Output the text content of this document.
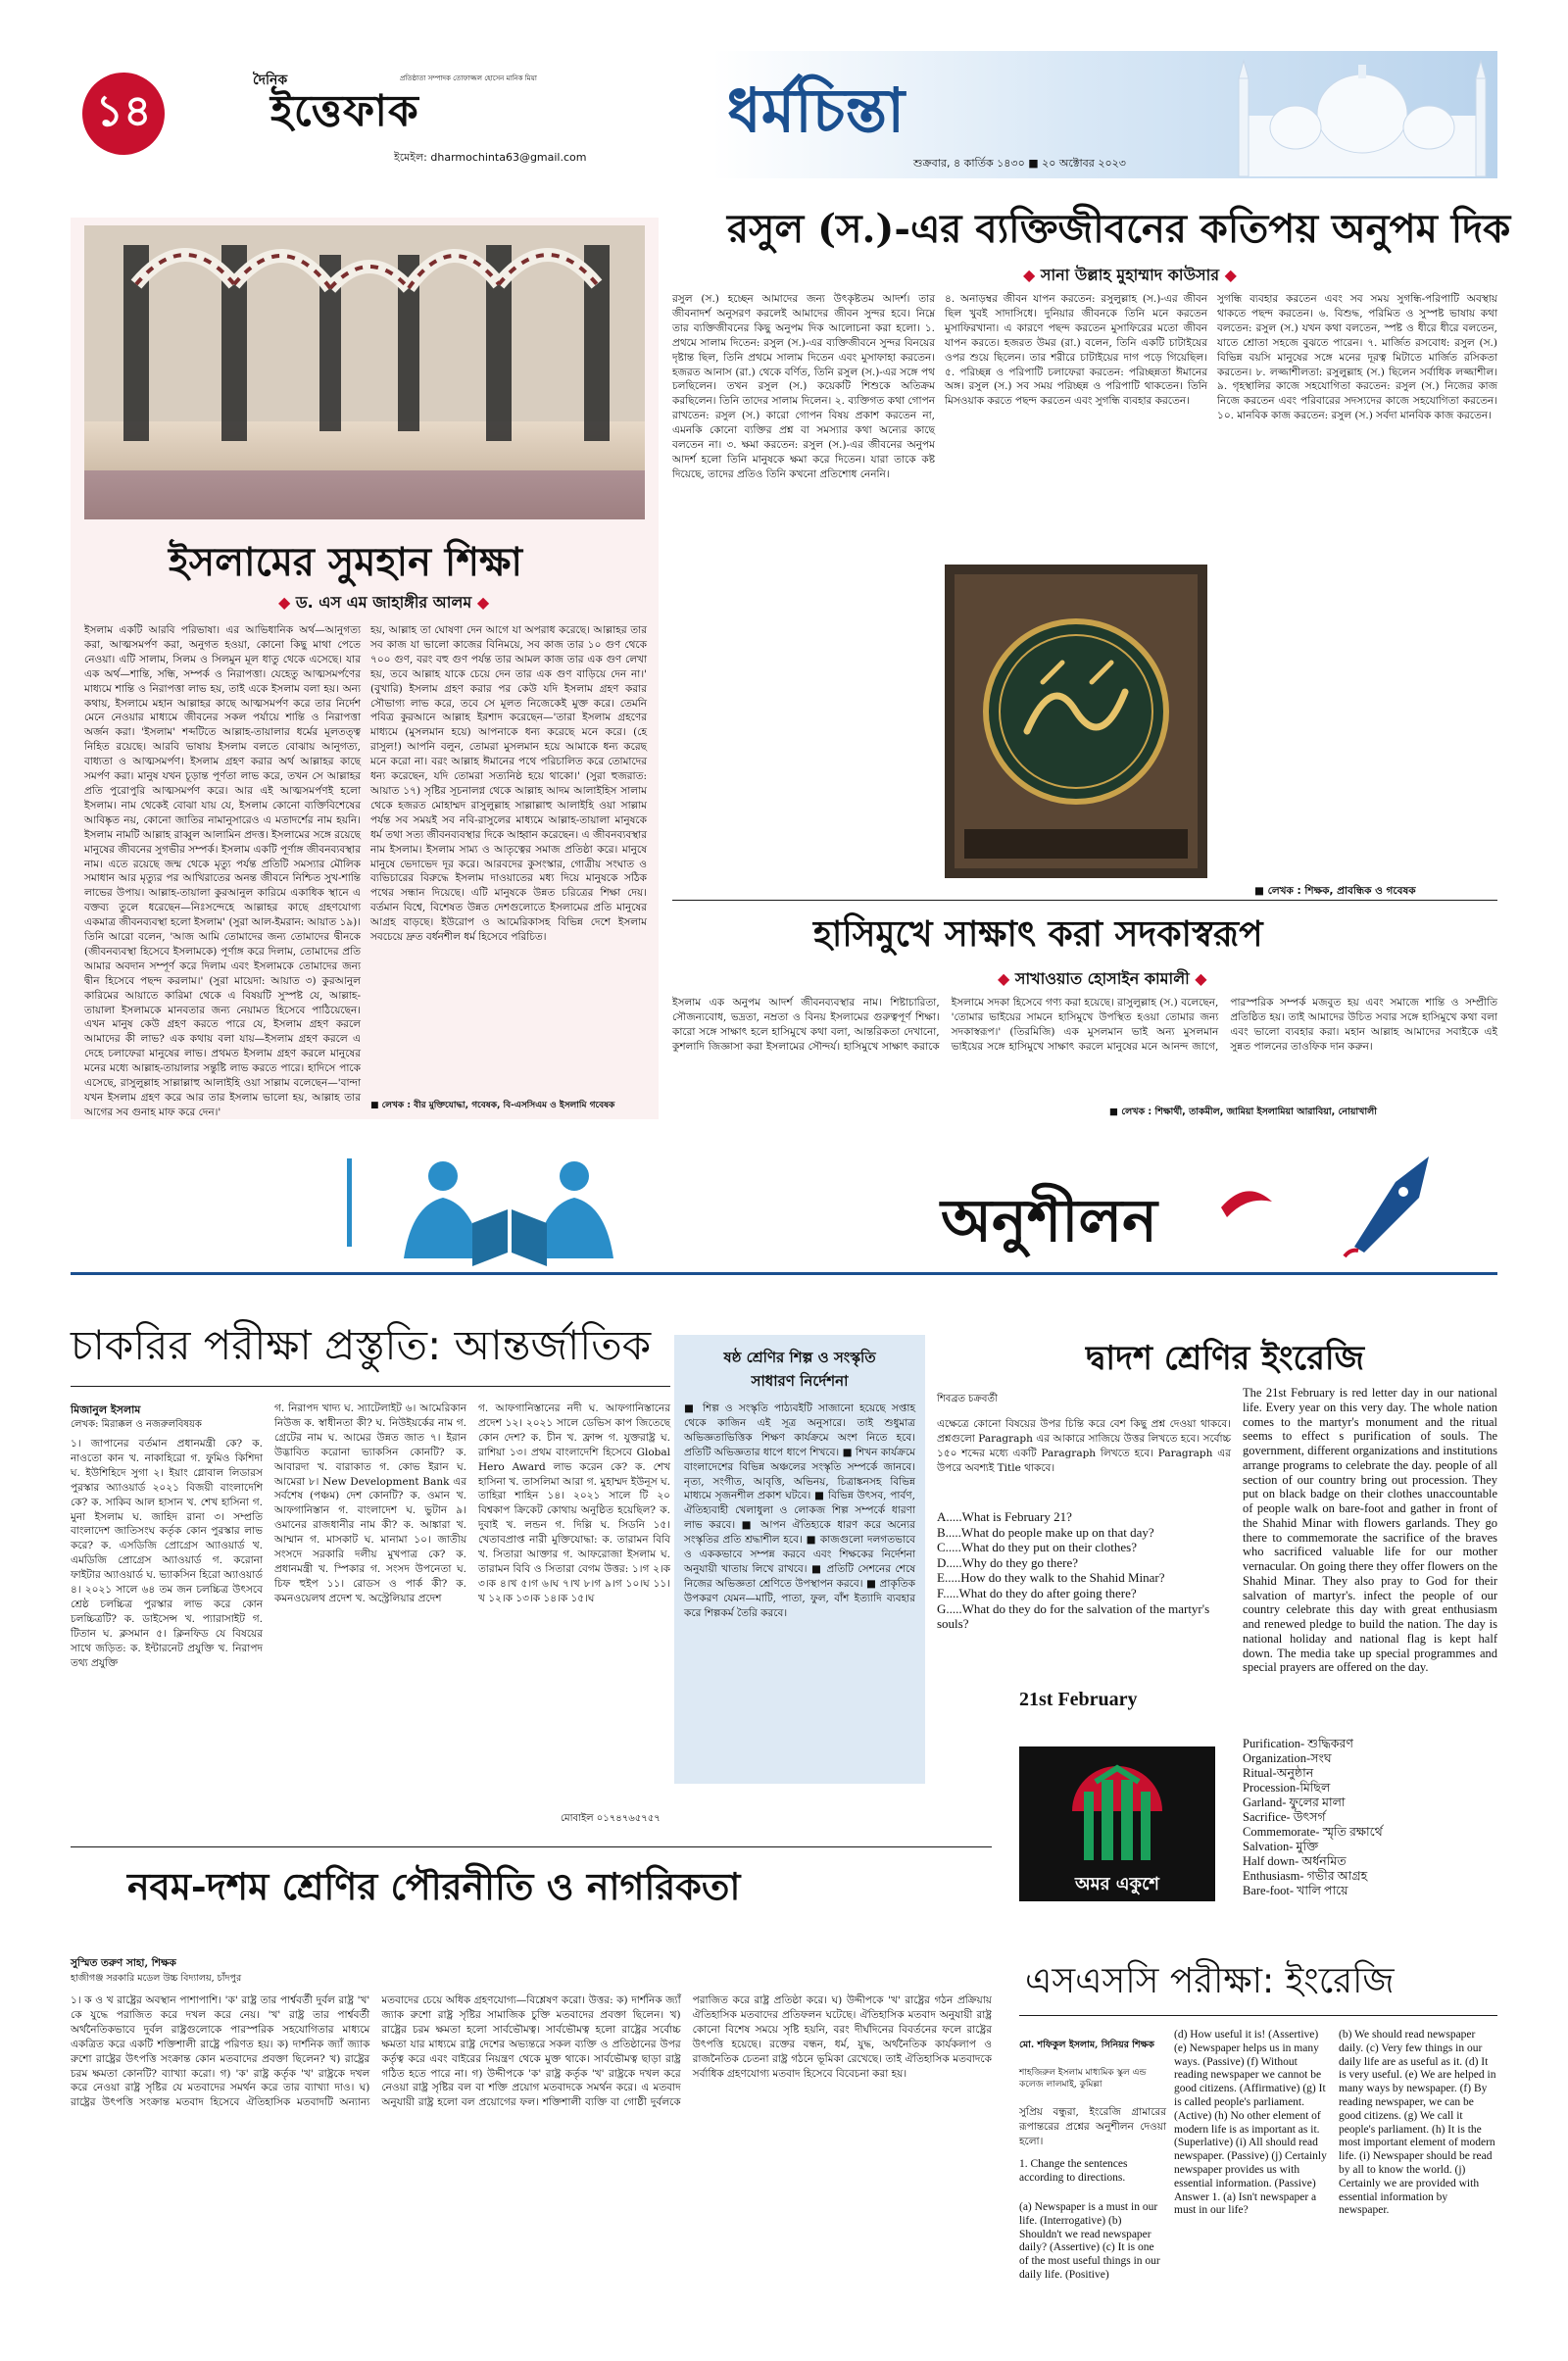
১৪
দৈনিক
ইত্তেফাক
প্রতিষ্ঠাতা সম্পাদক তোফাজ্জল হোসেন মানিক মিয়া
ইমেইল: dharmochinta63@gmail.com
ধর্মচিন্তা
শুক্রবার, ৪ কার্তিক ১৪৩০ ■ ২০ অক্টোবর ২০২৩
ইসলামের সুমহান শিক্ষা
◆ ড. এস এম জাহাঙ্গীর আলম ◆
ইসলাম একটি আরবি পরিভাষা। এর আভিধানিক অর্থ—আনুগত্য করা, আত্মসমর্পণ করা, অনুগত হওয়া, কোনো কিছু মাথা পেতে নেওয়া। এটি সালাম, সিলম ও সিলমুন মূল ধাতু থেকে এসেছে। যার এক অর্থ—শান্তি, সন্ধি, সম্পর্ক ও নিরাপত্তা। যেহেতু আত্মসমর্পণের মাধ্যমে শান্তি ও নিরাপত্তা লাভ হয়, তাই একে ইসলাম বলা হয়। অন্য কথায়, ইসলামে মহান আল্লাহর কাছে আত্মসমর্পণ করে তার নির্দেশ মেনে নেওয়ার মাধ্যমে জীবনের সকল পর্যায়ে শান্তি ও নিরাপত্তা অর্জন করা। 'ইসলাম' শব্দটিতে আল্লাহ-তায়ালার ধর্মের মূলতত্ত্ব নিহিত রয়েছে। আরবি ভাষায় ইসলাম বলতে বোঝায় আনুগত্য, বাধ্যতা ও আত্মসমর্পণ। ইসলাম গ্রহণ করার অর্থ আল্লাহর কাছে সমর্পণ করা। মানুষ যখন চূড়ান্ত পূর্ণতা লাভ করে, তখন সে আল্লাহর প্রতি পুরোপুরি আত্মসমর্পণ করে। আর এই আত্মসমর্পণই হলো ইসলাম। নাম থেকেই বোঝা যায় যে, ইসলাম কোনো ব্যক্তিবিশেষের আবিষ্কৃত নয়, কোনো জাতির নামানুসারেও এ মতাদর্শের নাম হয়নি। ইসলাম নামটি আল্লাহ রাব্বুল আলামিন প্রদত্ত। ইসলামের সঙ্গে রয়েছে মানুষের জীবনের সুগভীর সম্পর্ক। ইসলাম একটি পূর্ণাঙ্গ জীবনব্যবস্থার নাম। এতে রয়েছে জন্ম থেকে মৃত্যু পর্যন্ত প্রতিটি সমস্যার মৌলিক সমাধান আর মৃত্যুর পর আখিরাতের অনন্ত জীবনে নিশ্চিত সুখ-শান্তি লাভের উপায়। আল্লাহ-তায়ালা কুরআনুল কারিমে একাধিক স্থানে এ বক্তব্য তুলে ধরেছেন—নিঃসন্দেহে আল্লাহর কাছে গ্রহণযোগ্য একমাত্র জীবনব্যবস্থা হলো ইসলাম' (সুরা আল-ইমরান: আয়াত ১৯)। তিনি আরো বলেন, 'আজ আমি তোমাদের জন্য তোমাদের দ্বীনকে (জীবনব্যবস্থা হিসেবে ইসলামকে) পূর্ণাঙ্গ করে দিলাম, তোমাদের প্রতি আমার অবদান সম্পূর্ণ করে দিলাম এবং ইসলামকে তোমাদের জন্য দ্বীন হিসেবে পছন্দ করলাম।' (সুরা মায়েদা: আয়াত ৩) কুরআনুল কারিমের আয়াতে কারিমা থেকে এ বিষয়টি সুস্পষ্ট যে, আল্লাহ-তায়ালা ইসলামকে মানবতার জন্য নেয়ামত হিসেবে পাঠিয়েছেন। এখন মানুষ কেউ গ্রহণ করতে পারে যে, ইসলাম গ্রহণ করলে আমাদের কী লাভ? এক কথায় বলা যায়—ইসলাম গ্রহণ করলে এ দেহে চলাফেরা মানুষের লাভ। প্রথমত ইসলাম গ্রহণ করলে মানুষের মনের মধ্যে আল্লাহ-তায়ালার সন্তুষ্টি লাভ করতে পারে। হাদিসে পাকে এসেছে, রাসুলুল্লাহ সাল্লাল্লাহু আলাইহি ওয়া সাল্লাম বলেছেন—'বান্দা যখন ইসলাম গ্রহণ করে আর তার ইসলাম ভালো হয়, আল্লাহ তার আগের সব গুনাহ মাফ করে দেন।'
হয়, আল্লাহ তা ঘোষণা দেন আগে যা অপরাধ করেছে। আল্লাহর তার সব কাজ যা ভালো কাজের বিনিময়ে, সব কাজ তার ১০ গুণ থেকে ৭০০ গুণ, বরং বহু গুণ পর্যন্ত তার আমল কাজ তার এক গুণ লেখা হয়, তবে আল্লাহ যাকে চেয়ে দেন তার এক গুণ বাড়িয়ে দেন না।' (বুখারি) ইসলাম গ্রহণ করার পর কেউ যদি ইসলাম গ্রহণ করার সৌভাগ্য লাভ করে, তবে সে মূলত নিজেকেই মুক্ত করে। তেমনি পবিত্র কুরআনে আল্লাহ ইরশাদ করেছেন—'তারা ইসলাম গ্রহণের মাধ্যমে (মুসলমান হয়ে) আপনাকে ধন্য করেছে মনে করে। (হে রাসুল!) আপনি বলুন, তোমরা মুসলমান হয়ে আমাকে ধন্য করেছ মনে করো না। বরং আল্লাহ ঈমানের পথে পরিচালিত করে তোমাদের ধন্য করেছেন, যদি তোমরা সত্যনিষ্ঠ হয়ে থাকো।' (সুরা হুজরাত: আয়াত ১৭) সৃষ্টির সূচনালগ্ন থেকে আল্লাহ আদম আলাইহিস সালাম থেকে হজরত মোহাম্মদ রাসুলুল্লাহ সাল্লাল্লাহু আলাইহি ওয়া সাল্লাম পর্যন্ত সব সময়ই সব নবি-রাসুলের মাধ্যমে আল্লাহ-তায়ালা মানুষকে ধর্ম তথা সত্য জীবনব্যবস্থার দিকে আহ্বান করেছেন। এ জীবনব্যবস্থার নাম ইসলাম। ইসলাম সাম্য ও আতৃত্বের সমাজ প্রতিষ্ঠা করে। মানুষে মানুষে ভেদাভেদ দূর করে। আরবদের কুসংস্কার, গোত্রীয় সংঘাত ও ব্যভিচারের বিরুদ্ধে ইসলাম দাওয়াতের মধ্য দিয়ে মানুষকে সঠিক পথের সন্ধান দিয়েছে। এটি মানুষকে উন্নত চরিত্রের শিক্ষা দেয়। বর্তমান বিশ্বে, বিশেষত উন্নত দেশগুলোতে ইসলামের প্রতি মানুষের আগ্রহ বাড়ছে। ইউরোপ ও আমেরিকাসহ বিভিন্ন দেশে ইসলাম সবচেয়ে দ্রুত বর্ধনশীল ধর্ম হিসেবে পরিচিত।
■ লেখক : বীর মুক্তিযোদ্ধা, গবেষক, বি-এসসিএম ও ইসলামি গবেষক
রসুল (স.)-এর ব্যক্তিজীবনের কতিপয় অনুপম দিক
◆ সানা উল্লাহ মুহাম্মাদ কাউসার ◆
রসুল (স.) হচ্ছেন আমাদের জন্য উৎকৃষ্টতম আদর্শ। তার জীবনাদর্শ অনুসরণ করলেই আমাদের জীবন সুন্দর হবে। নিম্নে তার ব্যক্তিজীবনের কিছু অনুপম দিক আলোচনা করা হলো। ১. প্রথমে সালাম দিতেন: রসুল (স.)-এর ব্যক্তিজীবনে সুন্দর বিনয়ের দৃষ্টান্ত ছিল, তিনি প্রথমে সালাম দিতেন এবং মুসাফাহা করতেন। হজরত আনাস (রা.) থেকে বর্ণিত, তিনি রসুল (স.)-এর সঙ্গে পথ চলছিলেন। তখন রসুল (স.) কয়েকটি শিশুকে অতিক্রম করছিলেন। তিনি তাদের সালাম দিলেন। ২. ব্যক্তিগত কথা গোপন রাখতেন: রসুল (স.) কারো গোপন বিষয় প্রকাশ করতেন না, এমনকি কোনো ব্যক্তির প্রশ্ন বা সমস্যার কথা অন্যের কাছে বলতেন না। ৩. ক্ষমা করতেন: রসুল (স.)-এর জীবনের অনুপম আদর্শ হলো তিনি মানুষকে ক্ষমা করে দিতেন। যারা তাকে কষ্ট দিয়েছে, তাদের প্রতিও তিনি কখনো প্রতিশোধ নেননি।
৪. অনাড়ম্বর জীবন যাপন করতেন: রসুলুল্লাহ (স.)-এর জীবন ছিল খুবই সাদাসিধে। দুনিয়ার জীবনকে তিনি মনে করতেন মুসাফিরখানা। এ কারণে পছন্দ করতেন মুসাফিরের মতো জীবন যাপন করতে। হজরত উমর (রা.) বলেন, তিনি একটি চাটাইয়ের ওপর শুয়ে ছিলেন। তার শরীরে চাটাইয়ের দাগ পড়ে গিয়েছিল। ৫. পরিচ্ছন্ন ও পরিপাটি চলাফেরা করতেন: পরিচ্ছন্নতা ঈমানের অঙ্গ। রসুল (স.) সব সময় পরিচ্ছন্ন ও পরিপাটি থাকতেন। তিনি মিসওয়াক করতে পছন্দ করতেন এবং সুগন্ধি ব্যবহার করতেন।
সুগন্ধি ব্যবহার করতেন এবং সব সময় সুগন্ধি-পরিপাটি অবস্থায় থাকতে পছন্দ করতেন। ৬. বিশুদ্ধ, পরিমিত ও সুস্পষ্ট ভাষায় কথা বলতেন: রসুল (স.) যখন কথা বলতেন, স্পষ্ট ও ধীরে ধীরে বলতেন, যাতে শ্রোতা সহজে বুঝতে পারেন। ৭. মার্জিত রসবোধ: রসুল (স.) বিভিন্ন বয়সি মানুষের সঙ্গে মনের দূরত্ব মিটাতে মার্জিত রসিকতা করতেন। ৮. লজ্জাশীলতা: রসুলুল্লাহ (স.) ছিলেন সর্বাধিক লজ্জাশীল। ৯. গৃহস্থালির কাজে সহযোগিতা করতেন: রসুল (স.) নিজের কাজ নিজে করতেন এবং পরিবারের সদস্যদের কাজে সহযোগিতা করতেন। ১০. মানবিক কাজ করতেন: রসুল (স.) সর্বদা মানবিক কাজ করতেন।
■ লেখক : শিক্ষক, প্রাবন্ধিক ও গবেষক
হাসিমুখে সাক্ষাৎ করা সদকাস্বরূপ
◆ সাখাওয়াত হোসাইন কামালী ◆
ইসলাম এক অনুপম আদর্শ জীবনব্যবস্থার নাম। শিষ্টাচারিতা, সৌজন্যবোধ, ভদ্রতা, নম্রতা ও বিনয় ইসলামের গুরুত্বপূর্ণ শিক্ষা। কারো সঙ্গে সাক্ষাৎ হলে হাসিমুখে কথা বলা, আন্তরিকতা দেখানো, কুশলাদি জিজ্ঞাসা করা ইসলামের সৌন্দর্য। হাসিমুখে সাক্ষাৎ করাকে ইসলামে সদকা হিসেবে গণ্য করা হয়েছে। রাসুলুল্লাহ (স.) বলেছেন, 'তোমার ভাইয়ের সামনে হাসিমুখে উপস্থিত হওয়া তোমার জন্য সদকাস্বরূপ।' (তিরমিজি) এক মুসলমান ভাই অন্য মুসলমান ভাইয়ের সঙ্গে হাসিমুখে সাক্ষাৎ করলে মানুষের মনে আনন্দ জাগে, পারস্পরিক সম্পর্ক মজবুত হয় এবং সমাজে শান্তি ও সম্প্রীতি প্রতিষ্ঠিত হয়। তাই আমাদের উচিত সবার সঙ্গে হাসিমুখে কথা বলা এবং ভালো ব্যবহার করা। মহান আল্লাহ আমাদের সবাইকে এই সুন্নত পালনের তাওফিক দান করুন।
■ লেখক : শিক্ষার্থী, তাকমীল, জামিয়া ইসলামিয়া আরাবিয়া, নোয়াখালী
অনুশীলন
চাকরির পরীক্ষা প্রস্তুতি: আন্তর্জাতিক
মিজানুল ইসলাম
লেখক: মিরাক্কল ও নজরুলবিষয়ক
১। জাপানের বর্তমান প্রধানমন্ত্রী কে? ক. নাওতো কান খ. নাকাহিরো গ. ফুমিও কিশিদা ঘ. ইউশিহিদে সুগা ২। ইয়াং গ্লোবাল লিডারস পুরস্কার অ্যাওয়ার্ড ২০২১ বিজয়ী বাংলাদেশি কে? ক. সাকিব আল হাসান খ. শেখ হাসিনা গ. মুনা ইসলাম ঘ. জাহিদ রানা ৩। সম্প্রতি বাংলাদেশ জাতিসংঘ কর্তৃক কোন পুরস্কার লাভ করে? ক. এসডিজি প্রোগ্রেস অ্যাওয়ার্ড খ. এমডিজি প্রোগ্রেস অ্যাওয়ার্ড গ. করোনা ফাইটার অ্যাওয়ার্ড ঘ. ভ্যাকসিন হিরো অ্যাওয়ার্ড ৪। ২০২১ সালে ৬৪ তম জন চলচ্চিত্র উৎসবে শ্রেষ্ঠ চলচ্চিত্র পুরস্কার লাভ করে কোন চলচ্চিত্রটি? ক. ডাইসেন্স খ. প্যারাসাইট গ. টিতান ঘ. ক্লসমান ৫। ক্লিনফিড যে বিষয়ের সাথে জড়িত: ক. ইন্টারনেট প্রযুক্তি খ. নিরাপদ তথ্য প্রযুক্তি
গ. নিরাপদ খাদ্য ঘ. স্যাটেলাইট ৬। আমেরিকান নিউজ ক. স্বাধীনতা কী? ঘ. নিউইয়র্কের নাম গ. গ্রেটের নাম ঘ. আমের উন্নত জাত ৭। ইরান উদ্ভাবিত করোনা ভ্যাকসিন কোনটি? ক. আবারদা খ. বারাকাত গ. কোভ ইরান ঘ. আমেরা ৮। New Development Bank এর সর্বশেষ (পঞ্চম) দেশ কোনটি? ক. ওমান খ. আফগানিস্তান গ. বাংলাদেশ ঘ. ভুটান ৯। ওমানের রাজধানীর নাম কী? ক. আঙ্কারা খ. আম্মান গ. মাসকাট ঘ. মানামা ১০। জাতীয় সংসদে সরকারি দলীয় মুখপাত্র কে? ক. প্রধানমন্ত্রী খ. স্পিকার গ. সংসদ উপনেতা ঘ. চিফ হুইপ ১১। রোডস ও পার্ক কী? ক. কমনওয়েলথ প্রদেশ খ. অস্ট্রেলিয়ার প্রদেশ
গ. আফগানিস্তানের নদী ঘ. আফগানিস্তানের প্রদেশ ১২। ২০২১ সালে ডেভিস কাপ জিতেছে কোন দেশ? ক. চীন খ. ফ্রান্স গ. যুক্তরাষ্ট্র ঘ. রাশিয়া ১৩। প্রথম বাংলাদেশি হিসেবে Global Hero Award লাভ করেন কে? ক. শেখ হাসিনা খ. তাসলিমা আরা গ. মুহাম্মদ ইউনূস ঘ. তাহিরা শাহিন ১৪। ২০২১ সালে টি ২০ বিশ্বকাপ ক্রিকেট কোথায় অনুষ্ঠিত হয়েছিল? ক. দুবাই খ. লন্ডন গ. দিল্লি ঘ. সিডনি ১৫। খেতাবপ্রাপ্ত নারী মুক্তিযোদ্ধা: ক. তারামন বিবি খ. সিতারা আক্তার গ. আফরোজা ইসলাম ঘ. তারামন বিবি ও সিতারা বেগম উত্তর: ১।গ ২।ক ৩।ক ৪।খ ৫।গ ৬।ঘ ৭।খ ৮।গ ৯।গ ১০।ঘ ১১।খ ১২।ক ১৩।ক ১৪।ক ১৫।ঘ
মোবাইল ০১৭৪৭৬৫৭৫৭
ষষ্ঠ শ্রেণির শিল্প ও সংস্কৃতি
সাধারণ নির্দেশনা
■ শিল্প ও সংস্কৃতি পাঠ্যবইটি সাজানো হয়েছে সপ্তাহ থেকে কাজিন এই সূত্র অনুসারে। তাই শুধুমাত্র অভিজ্ঞতাভিত্তিক শিক্ষণ কার্যক্রমে অংশ নিতে হবে। প্রতিটি অভিজ্ঞতার ধাপে ধাপে শিখবে। ■ শিখন কার্যক্রমে বাংলাদেশের বিভিন্ন অঞ্চলের সংস্কৃতি সম্পর্কে জানবে। নৃত্য, সংগীত, আবৃত্তি, অভিনয়, চিত্রাঙ্কনসহ বিভিন্ন মাধ্যমে সৃজনশীল প্রকাশ ঘটবে। ■ বিভিন্ন উৎসব, পার্বণ, ঐতিহ্যবাহী খেলাধুলা ও লোকজ শিল্প সম্পর্কে ধারণা লাভ করবে। ■ আপন ঐতিহ্যকে ধারণ করে অন্যের সংস্কৃতির প্রতি শ্রদ্ধাশীল হবে। ■ কাজগুলো দলগতভাবে ও এককভাবে সম্পন্ন করবে এবং শিক্ষকের নির্দেশনা অনুযায়ী খাতায় লিখে রাখবে। ■ প্রতিটি সেশনের শেষে নিজের অভিজ্ঞতা শ্রেণিতে উপস্থাপন করবে। ■ প্রাকৃতিক উপকরণ যেমন—মাটি, পাতা, ফুল, বাঁশ ইত্যাদি ব্যবহার করে শিল্পকর্ম তৈরি করবে।
দ্বাদশ শ্রেণির ইংরেজি
শিবব্রত চক্রবর্তী
এক্ষেত্রে কোনো বিষয়ের উপর চিন্তি করে বেশ কিছু প্রশ্ন দেওয়া থাকবে। প্রশ্নগুলো Paragraph এর আকারে সাজিয়ে উত্তর লিখতে হবে। সর্বোচ্চ ১৫০ শব্দের মধ্যে একটি Paragraph লিখতে হবে। Paragraph এর উপরে অবশ্যই Title থাকবে।
A.....What is February 21?
B.....What do people make up on that day?
C.....What do they put on their clothes?
D.....Why do they go there?
E.....How do they walk to the Shahid Minar?
F.....What do they do after going there?
G.....What do they do for the salvation of the martyr's souls?
21st February
অমর একুশে
The 21st February is red letter day in our national life. Every year on this very day. The whole nation comes to the martyr's monument and the ritual seems to effect s purification of souls. The government, different organizations and institutions arrange programs to celebrate the day. people of all section of our country bring out procession. They put on black badge on their clothes unaccountable of people walk on bare-foot and gather in front of the Shahid Minar with flowers garlands. They go there to commemorate the sacrifice of the braves who sacrificed valuable life for our mother vernacular. On going there they offer flowers on the Shahid Minar. They also pray to God for their salvation of martyr's. infect the people of our country celebrate this day with great enthusiasm and renewed pledge to build the nation. The day is national holiday and national flag is kept half down. The media take up special programmes and special prayers are offered on the day.
Purification- শুদ্ধিকরণ
Organization-সংঘ
Ritual-অনুষ্ঠান
Procession-মিছিল
Garland- ফুলের মালা
Sacrifice- উৎসর্গ
Commemorate- স্মৃতি রক্ষার্থে
Salvation- মুক্তি
Half down- অর্ধনমিত
Enthusiasm- গভীর আগ্রহ
Bare-foot- খালি পায়ে
নবম-দশম শ্রেণির পৌরনীতি ও নাগরিকতা
সুস্মিত তরুণ সাহা, শিক্ষক
হাজীগঞ্জ সরকারি মডেল উচ্চ বিদ্যালয়, চাঁদপুর
১। ক ও খ রাষ্ট্রের অবস্থান পাশাপাশি। 'ক' রাষ্ট্র তার পার্শ্ববর্তী দুর্বল রাষ্ট্র 'খ' কে যুদ্ধে পরাজিত করে দখল করে নেয়। 'খ' রাষ্ট্র তার পার্শ্ববর্তী অর্থনৈতিকভাবে দুর্বল রাষ্ট্রগুলোকে পারস্পরিক সহযোগিতার মাধ্যমে একত্রিত করে একটি শক্তিশালী রাষ্ট্রে পরিণত হয়। ক) দার্শনিক জ্যাঁ জ্যাক রুশো রাষ্ট্রের উৎপত্তি সংক্রান্ত কোন মতবাদের প্রবক্তা ছিলেন? খ) রাষ্ট্রের চরম ক্ষমতা কোনটি? ব্যাখ্যা করো। গ) 'ক' রাষ্ট্র কর্তৃক 'খ' রাষ্ট্রকে দখল করে নেওয়া রাষ্ট্র সৃষ্টির যে মতবাদের সমর্থন করে তার ব্যাখ্যা দাও। ঘ) রাষ্ট্রের উৎপত্তি সংক্রান্ত মতবাদ হিসেবে ঐতিহাসিক মতবাদটি অন্যান্য মতবাদের চেয়ে অধিক গ্রহণযোগ্য—বিশ্লেষণ করো। উত্তর: ক) দার্শনিক জ্যাঁ জ্যাক রুশো রাষ্ট্র সৃষ্টির সামাজিক চুক্তি মতবাদের প্রবক্তা ছিলেন। খ) রাষ্ট্রের চরম ক্ষমতা হলো সার্বভৌমত্ব। সার্বভৌমত্ব হলো রাষ্ট্রের সর্বোচ্চ ক্ষমতা যার মাধ্যমে রাষ্ট্র দেশের অভ্যন্তরে সকল ব্যক্তি ও প্রতিষ্ঠানের উপর কর্তৃত্ব করে এবং বাইরের নিয়ন্ত্রণ থেকে মুক্ত থাকে। সার্বভৌমত্ব ছাড়া রাষ্ট্র গঠিত হতে পারে না। গ) উদ্দীপকে 'ক' রাষ্ট্র কর্তৃক 'খ' রাষ্ট্রকে দখল করে নেওয়া রাষ্ট্র সৃষ্টির বল বা শক্তি প্রয়োগ মতবাদকে সমর্থন করে। এ মতবাদ অনুযায়ী রাষ্ট্র হলো বল প্রয়োগের ফল। শক্তিশালী ব্যক্তি বা গোষ্ঠী দুর্বলকে পরাজিত করে রাষ্ট্র প্রতিষ্ঠা করে। ঘ) উদ্দীপকে 'খ' রাষ্ট্রের গঠন প্রক্রিয়ায় ঐতিহাসিক মতবাদের প্রতিফলন ঘটেছে। ঐতিহাসিক মতবাদ অনুযায়ী রাষ্ট্র কোনো বিশেষ সময়ে সৃষ্টি হয়নি, বরং দীর্ঘদিনের বিবর্তনের ফলে রাষ্ট্রের উৎপত্তি হয়েছে। রক্তের বন্ধন, ধর্ম, যুদ্ধ, অর্থনৈতিক কার্যকলাপ ও রাজনৈতিক চেতনা রাষ্ট্র গঠনে ভূমিকা রেখেছে। তাই ঐতিহাসিক মতবাদকে সর্বাধিক গ্রহণযোগ্য মতবাদ হিসেবে বিবেচনা করা হয়।
এসএসসি পরীক্ষা: ইংরেজি
মো. শফিকুল ইসলাম, সিনিয়র শিক্ষক
শাহজিরুল ইসলাম মাধ্যমিক স্কুল এন্ড কলেজ লালমাই, কুমিল্লা
সুপ্রিয় বন্ধুরা, ইংরেজি গ্রামারের রূপান্তরের প্রশ্নের অনুশীলন দেওয়া হলো।
1. Change the sentences according to directions.
(a) Newspaper is a must in our life. (Interrogative) (b) Shouldn't we read newspaper daily? (Assertive) (c) It is one of the most useful things in our daily life. (Positive)
(d) How useful it is! (Assertive) (e) Newspaper helps us in many ways. (Passive) (f) Without reading newspaper we cannot be good citizens. (Affirmative) (g) It is called people's parliament. (Active) (h) No other element of modern life is as important as it. (Superlative) (i) All should read newspaper. (Passive) (j) Certainly newspaper provides us with essential information. (Passive) Answer 1. (a) Isn't newspaper a must in our life?
(b) We should read newspaper daily. (c) Very few things in our daily life are as useful as it. (d) It is very useful. (e) We are helped in many ways by newspaper. (f) By reading newspaper, we can be good citizens. (g) We call it people's parliament. (h) It is the most important element of modern life. (i) Newspaper should be read by all to know the world. (j) Certainly we are provided with essential information by newspaper.
